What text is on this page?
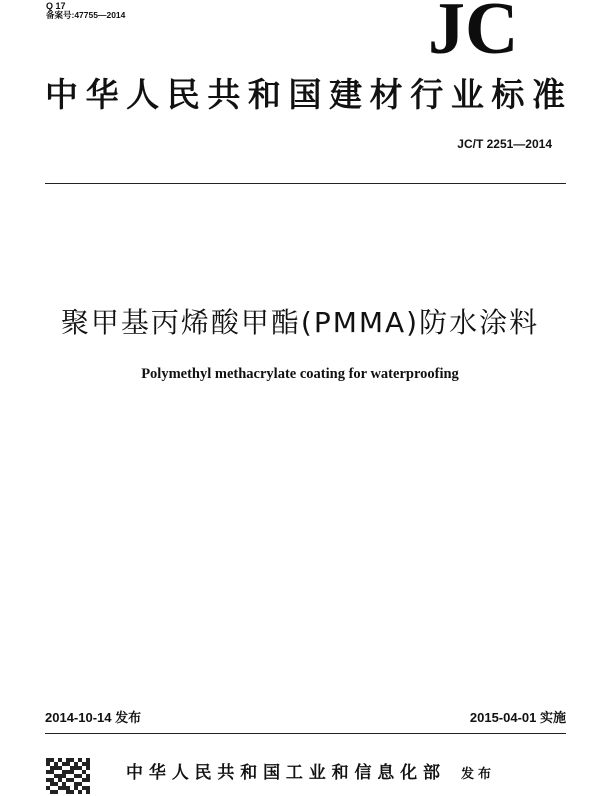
Q 17
备案号:47755—2014	JC
中华人民共和国建材行业标准
JC/T 2251—2014
聚甲基丙烯酸甲酯(PMMA)防水涂料
Polymethyl methacrylate coating for waterproofing
2014-10-14 发布	2015-04-01 实施
中华人民共和国工业和信息化部 发布
